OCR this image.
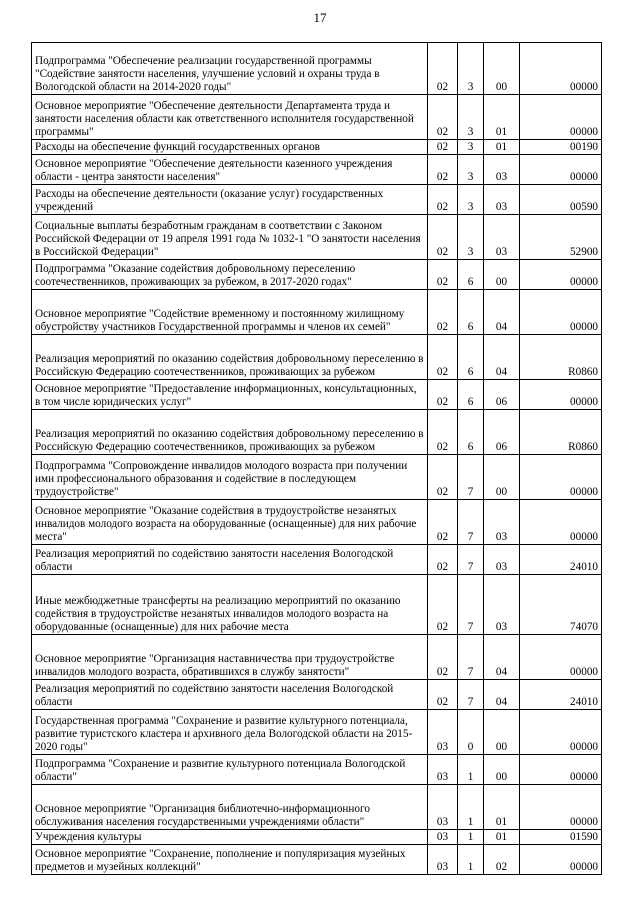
17
Подпрограмма "Обеспечение реализации государственной программы "Содействие занятости населения, улучшение условий и охраны труда в Вологодской области на 2014-2020 годы"	02	3	00	00000
Основное мероприятие "Обеспечение деятельности Департамента труда и занятости населения области как ответственного исполнителя государственной программы"	02	3	01	00000
Расходы на обеспечение функций государственных органов	02	3	01	00190
Основное мероприятие "Обеспечение деятельности казенного учреждения области - центра занятости населения"	02	3	03	00000
Расходы на обеспечение деятельности (оказание услуг) государственных учреждений	02	3	03	00590
Социальные выплаты безработным гражданам в соответствии с Законом Российской Федерации от 19 апреля 1991 года № 1032-1 "О занятости населения в Российской Федерации"	02	3	03	52900
Подпрограмма "Оказание содействия добровольному переселению соотечественников, проживающих за рубежом, в 2017-2020 годах"	02	6	00	00000
Основное мероприятие "Содействие временному и постоянному жилищному обустройству участников Государственной программы и членов их семей"	02	6	04	00000
Реализация мероприятий по оказанию содействия добровольному переселению в Российскую Федерацию соотечественников, проживающих за рубежом	02	6	04	R0860
Основное мероприятие "Предоставление информационных, консультационных, в том числе юридических услуг"	02	6	06	00000
Реализация мероприятий по оказанию содействия добровольному переселению в Российскую Федерацию соотечественников, проживающих за рубежом	02	6	06	R0860
Подпрограмма "Сопровождение инвалидов молодого возраста при получении ими профессионального образования и содействие в последующем трудоустройстве"	02	7	00	00000
Основное мероприятие "Оказание содействия в трудоустройстве незанятых инвалидов молодого возраста на оборудованные (оснащенные) для них рабочие места"	02	7	03	00000
Реализация мероприятий по содействию занятости населения Вологодской области	02	7	03	24010
Иные межбюджетные трансферты на реализацию мероприятий по оказанию содействия в трудоустройстве незанятых инвалидов молодого возраста на оборудованные (оснащенные) для них рабочие места	02	7	03	74070
Основное мероприятие "Организация наставничества при трудоустройстве инвалидов молодого возраста, обратившихся в службу занятости"	02	7	04	00000
Реализация мероприятий по содействию занятости населения Вологодской области	02	7	04	24010
Государственная программа "Сохранение и развитие культурного потенциала, развитие туристского кластера и архивного дела Вологодской области на 2015-2020 годы"	03	0	00	00000
Подпрограмма "Сохранение и развитие культурного потенциала Вологодской области"	03	1	00	00000
Основное мероприятие "Организация библиотечно-информационного обслуживания населения государственными учреждениями области"	03	1	01	00000
Учреждения культуры	03	1	01	01590
Основное мероприятие "Сохранение, пополнение и популяризация музейных предметов и музейных коллекций"	03	1	02	00000
